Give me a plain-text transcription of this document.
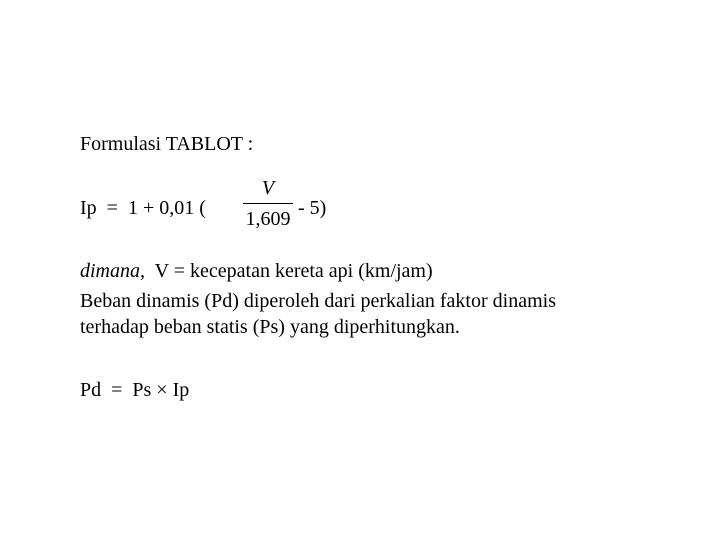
Formulasi TABLOT :
Ip  =  1 + 0,01 (
V
1,609 - 5)
dimana,  V = kecepatan kereta api (km/jam)
Beban dinamis (Pd) diperoleh dari perkalian faktor dinamis
terhadap beban statis (Ps) yang diperhitungkan.
Pd  =  Ps × Ip
